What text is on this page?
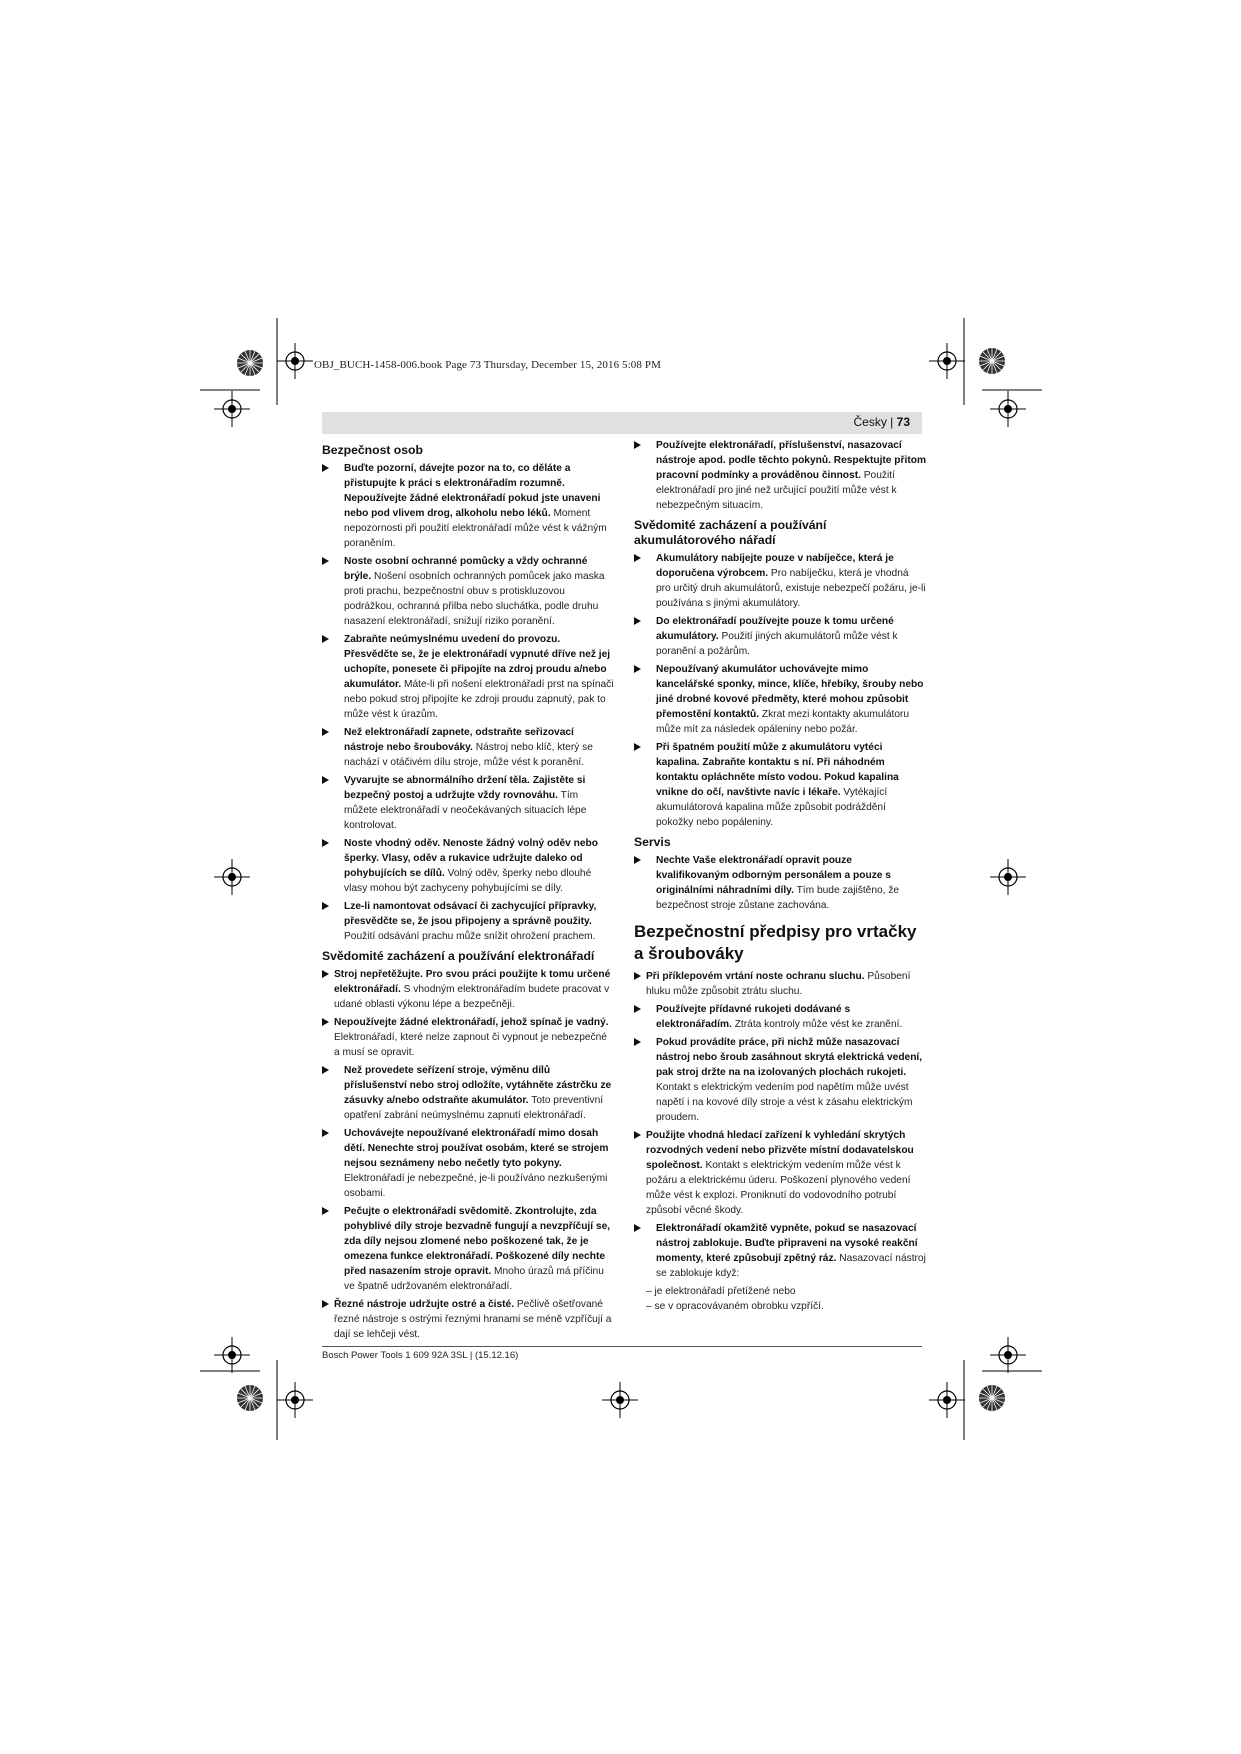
OBJ_BUCH-1458-006.book Page 73 Thursday, December 15, 2016 5:08 PM
Česky | 73
Bezpečnost osob
Buďte pozorní, dávejte pozor na to, co děláte a přistupujte k práci s elektronářadím rozumně. Nepoužívejte žádné elektronářadí pokud jste unaveni nebo pod vlivem drog, alkoholu nebo léků. Moment nepozornosti při použití elektronářadí může vést k vážným poraněním.
Noste osobní ochranné pomůcky a vždy ochranné brýle. Nošení osobních ochranných pomůcek jako maska proti prachu, bezpečnostní obuv s protiskluzovou podrážkou, ochranná přilba nebo sluchátka, podle druhu nasazení elektronářadí, snižují riziko poranění.
Zabraňte neúmyslnému uvedení do provozu. Přesvědčte se, že je elektronářadí vypnuté dříve než jej uchopíte, ponesete či připojíte na zdroj proudu a/nebo akumulátor. Máte-li při nošení elektronářadí prst na spínači nebo pokud stroj připojíte ke zdroji proudu zapnutý, pak to může vést k úrazům.
Než elektronářadí zapnete, odstraňte seřizovací nástroje nebo šroubováky. Nástroj nebo klíč, který se nachází v otáčivém dílu stroje, může vést k poranění.
Vyvarujte se abnormálního držení těla. Zajistěte si bezpečný postoj a udržujte vždy rovnováhu. Tím můžete elektronářadí v neočekávaných situacích lépe kontrolovat.
Noste vhodný oděv. Nenoste žádný volný oděv nebo šperky. Vlasy, oděv a rukavice udržujte daleko od pohybujících se dílů. Volný oděv, šperky nebo dlouhé vlasy mohou být zachyceny pohybujícími se díly.
Lze-li namontovat odsávací či zachycující přípravky, přesvědčte se, že jsou připojeny a správně použity. Použití odsávání prachu může snížit ohrožení prachem.
Svědomité zacházení a používání elektronářadí
Stroj nepřetěžujte. Pro svou práci použijte k tomu určené elektronářadí. S vhodným elektronářadím budete pracovat v udané oblasti výkonu lépe a bezpečněji.
Nepoužívejte žádné elektronářadí, jehož spínač je vadný. Elektronářadí, které nelze zapnout či vypnout je nebezpečné a musí se opravit.
Než provedete seřízení stroje, výměnu dílů příslušenství nebo stroj odložíte, vytáhněte zástrčku ze zásuvky a/nebo odstraňte akumulátor. Toto preventivní opatření zabrání neúmyslnému zapnutí elektronářadí.
Uchovávejte nepoužívané elektronářadí mimo dosah dětí. Nenechte stroj používat osobám, které se strojem nejsou seznámeny nebo nečetly tyto pokyny. Elektronářadí je nebezpečné, je-li používáno nezkušenými osobami.
Pečujte o elektronářadí svědomitě. Zkontrolujte, zda pohyblivé díly stroje bezvadně fungují a nevzpříčují se, zda díly nejsou zlomené nebo poškozené tak, že je omezena funkce elektronářadí. Poškozené díly nechte před nasazením stroje opravit. Mnoho úrazů má příčinu ve špatně udržovaném elektronářadí.
Řezné nástroje udržujte ostré a čisté. Pečlivě ošetřované řezné nástroje s ostrými řeznými hranami se méně vzpříčují a dají se lehčeji vést.
Používejte elektronářadí, příslušenství, nasazovací nástroje apod. podle těchto pokynů. Respektujte přitom pracovní podmínky a prováděnou činnost. Použití elektronářadí pro jiné než určující použití může vést k nebezpečným situacím.
Svědomité zacházení a používání akumulátorového nářadí
Akumulátory nabíjejte pouze v nabíječce, která je doporučena výrobcem. Pro nabíječku, která je vhodná pro určitý druh akumulátorů, existuje nebezpečí požáru, je-li používána s jinými akumulátory.
Do elektronářadí používejte pouze k tomu určené akumulátory. Použití jiných akumulátorů může vést k poranění a požárům.
Nepoužívaný akumulátor uchovávejte mimo kancelářské sponky, mince, klíče, hřebíky, šrouby nebo jiné drobné kovové předměty, které mohou způsobit přemostění kontaktů. Zkrat mezi kontakty akumulátoru může mít za následek opáleniny nebo požár.
Při špatném použití může z akumulátoru vytéci kapalina. Zabraňte kontaktu s ní. Při náhodném kontaktu opláchněte místo vodou. Pokud kapalina vnikne do očí, navštivte navíc i lékaře. Vytékající akumulátorová kapalina může způsobit podráždění pokožky nebo popáleniny.
Servis
Nechte Vaše elektronářadí opravit pouze kvalifikovaným odborným personálem a pouze s originálními náhradními díly. Tím bude zajištěno, že bezpečnost stroje zůstane zachována.
Bezpečnostní předpisy pro vrtačky a šroubováky
Při příklepovém vrtání noste ochranu sluchu. Působení hluku může způsobit ztrátu sluchu.
Používejte přídavné rukojeti dodávané s elektronářadím. Ztráta kontroly může vést ke zranění.
Pokud provádíte práce, při nichž může nasazovací nástroj nebo šroub zasáhnout skrytá elektrická vedení, pak stroj držte na na izolovaných plochách rukojeti. Kontakt s elektrickým vedením pod napětím může uvést napětí i na kovové díly stroje a vést k zásahu elektrickým proudem.
Použijte vhodná hledací zařízení k vyhledání skrytých rozvodných vedení nebo přizvěte místní dodavatelskou společnost. Kontakt s elektrickým vedením může vést k požáru a elektrickému úderu. Poškození plynového vedení může vést k explozi. Proniknutí do vodovodního potrubí způsobí věcné škody.
Elektronářadí okamžitě vypněte, pokud se nasazovací nástroj zablokuje. Buďte připraveni na vysoké reakční momenty, které způsobují zpětný ráz. Nasazovací nástroj se zablokuje když:
– je elektronářadí přetížené nebo
– se v opracovávaném obrobku vzpříčí.
Bosch Power Tools 1 609 92A 3SL | (15.12.16)
